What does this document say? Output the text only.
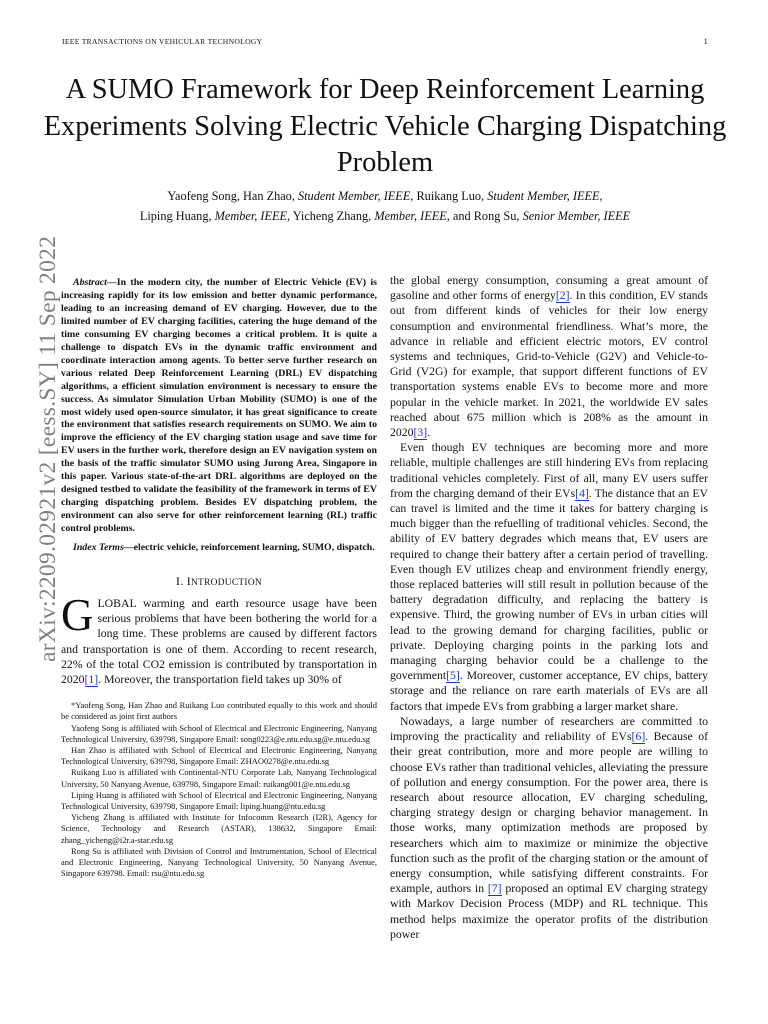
IEEE TRANSACTIONS ON VEHICULAR TECHNOLOGY	1
arXiv:2209.02921v2 [eess.SY] 11 Sep 2022
A SUMO Framework for Deep Reinforcement Learning Experiments Solving Electric Vehicle Charging Dispatching Problem
Yaofeng Song, Han Zhao, Student Member, IEEE, Ruikang Luo, Student Member, IEEE,
Liping Huang, Member, IEEE, Yicheng Zhang, Member, IEEE, and Rong Su, Senior Member, IEEE

Abstract—In the modern city, the number of Electric Vehicle (EV) is increasing rapidly for its low emission and better dynamic performance, leading to an increasing demand of EV charging. However, due to the limited number of EV charging facilities, catering the huge demand of the time consuming EV charging becomes a critical problem. It is quite a challenge to dispatch EVs in the dynamic traffic environment and coordinate interaction among agents. To better serve further research on various related Deep Reinforcement Learning (DRL) EV dispatching algorithms, a efficient simulation environment is necessary to ensure the success. As simulator Simulation Urban Mobility (SUMO) is one of the most widely used open-source simulator, it has great significance to create the environment that satisfies research requirements on SUMO. We aim to improve the efficiency of the EV charging station usage and save time for EV users in the further work, therefore design an EV navigation system on the basis of the traffic simulator SUMO using Jurong Area, Singapore in this paper. Various state-of-the-art DRL algorithms are deployed on the designed testbed to validate the feasibility of the framework in terms of EV charging dispatching problem. Besides EV dispatching problem, the environment can also serve for other reinforcement learning (RL) traffic control problems.

Index Terms—electric vehicle, reinforcement learning, SUMO, dispatch.

I. INTRODUCTION

GLOBAL warming and earth resource usage have been serious problems that have been bothering the world for a long time. These problems are caused by different factors and transportation is one of them. According to recent research, 22% of the total CO2 emission is contributed by transportation in 2020[1]. Moreover, the transportation field takes up 30% of

*Yaofeng Song, Han Zhao and Ruikang Luo contributed equally to this work and should be considered as joint first authors

Yaofeng Song is affiliated with School of Electrical and Electronic Engineering, Nanyang Technological University, 639798, Singapore Email: song0223@e.ntu.edu.sg@e.ntu.edu.sg

Han Zhao is affiliated with School of Electrical and Electronic Engineering, Nanyang Technological University, 639798, Singapore Email: ZHAO0278@e.ntu.edu.sg

Ruikang Luo is affiliated with Continental-NTU Corporate Lab, Nanyang Technological University, 50 Nanyang Avenue, 639798, Singapore Email: ruikang001@e.ntu.edu.sg

Liping Huang is affiliated with School of Electrical and Electronic Engineering, Nanyang Technological University, 639798, Singapore Email: liping.huang@ntu.edu.sg

Yicheng Zhang is affiliated with Institute for Infocomm Research (I2R), Agency for Science, Technology and Research (ASTAR), 138632, Singapore Email: zhang_yicheng@i2r.a-star.edu.sg

Rong Su is affiliated with Division of Control and Instrumentation, School of Electrical and Electronic Engineering, Nanyang Technological University, 50 Nanyang Avenue, Singapore 639798. Email: rsu@ntu.edu.sg

the global energy consumption, consuming a great amount of gasoline and other forms of energy[2]. In this condition, EV stands out from different kinds of vehicles for their low energy consumption and environmental friendliness. What’s more, the advance in reliable and efficient electric motors, EV control systems and techniques, Grid-to-Vehicle (G2V) and Vehicle-to-Grid (V2G) for example, that support different functions of EV transportation systems enable EVs to become more and more popular in the vehicle market. In 2021, the worldwide EV sales reached about 675 million which is 208% as the amount in 2020[3].

Even though EV techniques are becoming more and more reliable, multiple challenges are still hindering EVs from replacing traditional vehicles completely. First of all, many EV users suffer from the charging demand of their EVs[4]. The distance that an EV can travel is limited and the time it takes for battery charging is much bigger than the refuelling of traditional vehicles. Second, the ability of EV battery degrades which means that, EV users are required to change their battery after a certain period of travelling. Even though EV utilizes cheap and environment friendly energy, those replaced batteries will still result in pollution because of the battery degradation difficulty, and replacing the battery is expensive. Third, the growing number of EVs in urban cities will lead to the growing demand for charging facilities, public or private. Deploying charging points in the parking lots and managing charging behavior could be a challenge to the government[5]. Moreover, customer acceptance, EV chips, battery storage and the reliance on rare earth materials of EVs are all factors that impede EVs from grabbing a larger market share.

Nowadays, a large number of researchers are committed to improving the practicality and reliability of EVs[6]. Because of their great contribution, more and more people are willing to choose EVs rather than traditional vehicles, alleviating the pressure of pollution and energy consumption. For the power area, there is research about resource allocation, EV charging scheduling, charging strategy design or charging behavior management. In those works, many optimization methods are proposed by researchers which aim to maximize or minimize the objective function such as the profit of the charging station or the amount of energy consumption, while satisfying different constraints. For example, authors in [7] proposed an optimal EV charging strategy with Markov Decision Process (MDP) and RL technique. This method helps maximize the operator profits of the distribution power
